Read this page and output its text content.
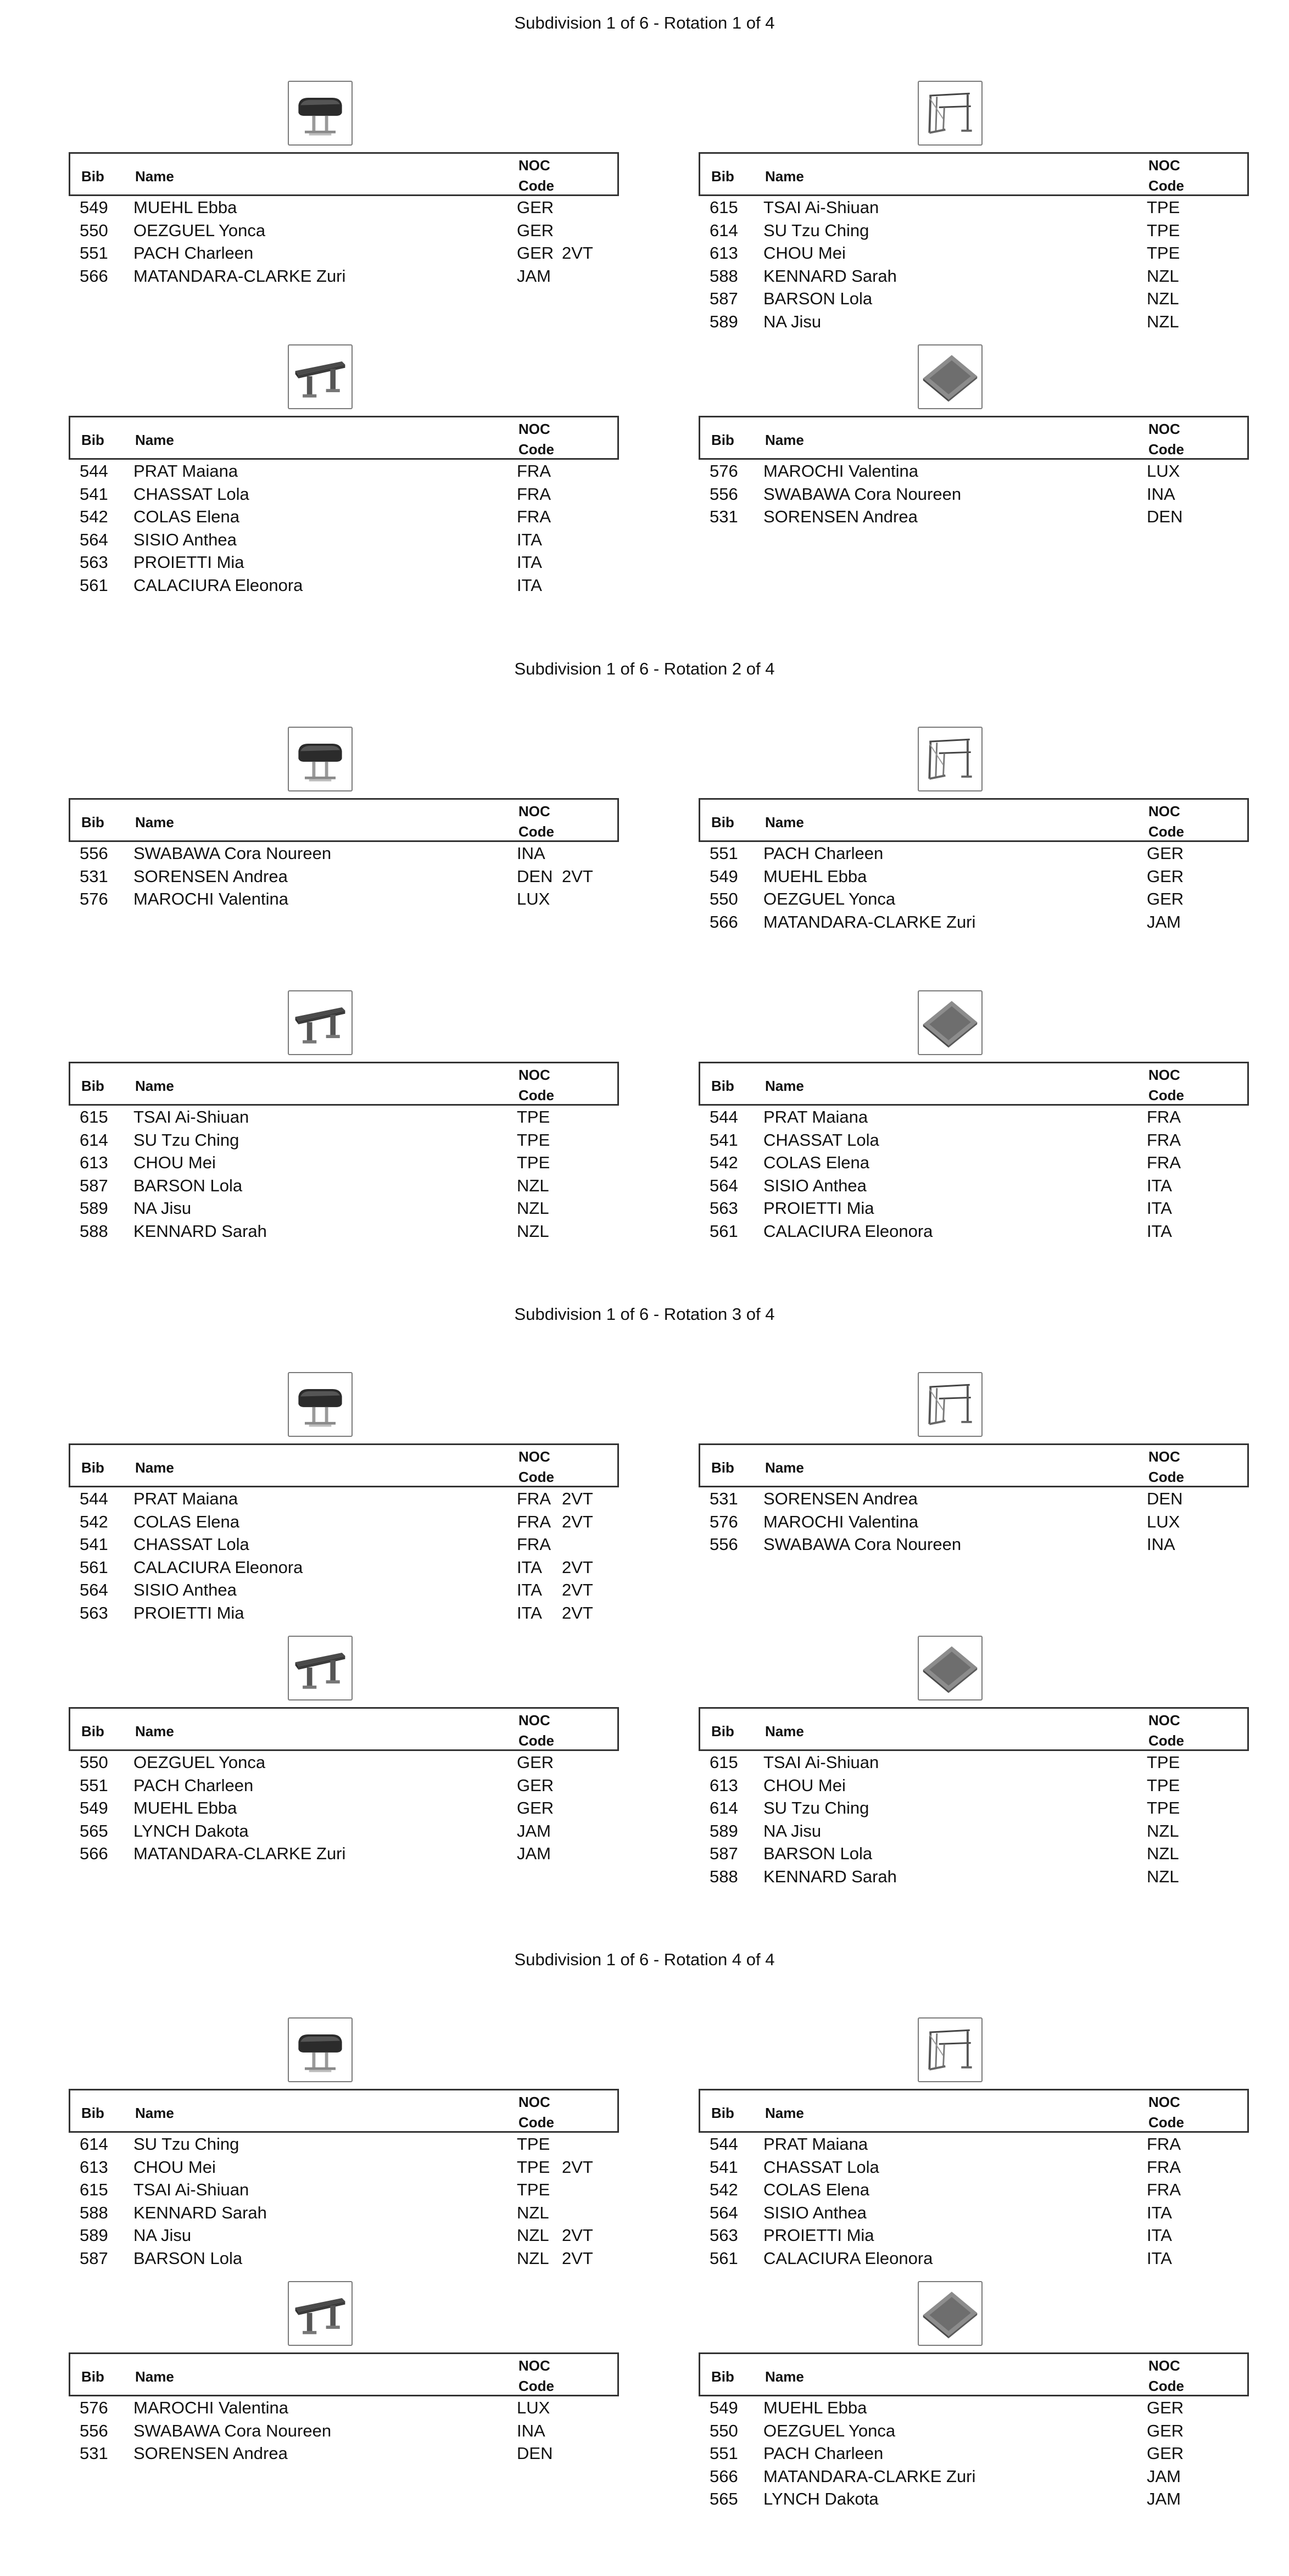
Subdivision 1 of 6 - Rotation 1 of 4
Bib Name
NOC
Code
549 MUEHL Ebba	GER
550 OEZGUEL Yonca	GER
551 PACH Charleen	GER 2VT
566 MATANDARA-CLARKE Zuri	JAM
Bib Name
NOC
Code
615 TSAI Ai-Shiuan	TPE
614 SU Tzu Ching	TPE
613 CHOU Mei	TPE
588 KENNARD Sarah	NZL
587 BARSON Lola	NZL
589 NA Jisu	NZL
Bib Name
NOC
Code
544 PRAT Maiana	FRA
541 CHASSAT Lola	FRA
542 COLAS Elena	FRA
564 SISIO Anthea	ITA
563 PROIETTI Mia	ITA
561 CALACIURA Eleonora	ITA
Bib Name
NOC
Code
576 MAROCHI Valentina	LUX
556 SWABAWA Cora Noureen	INA
531 SORENSEN Andrea	DEN
Subdivision 1 of 6 - Rotation 2 of 4
Bib Name
NOC
Code
556 SWABAWA Cora Noureen	INA
531 SORENSEN Andrea	DEN 2VT
576 MAROCHI Valentina	LUX
Bib Name
NOC
Code
551 PACH Charleen	GER
549 MUEHL Ebba	GER
550 OEZGUEL Yonca	GER
566 MATANDARA-CLARKE Zuri	JAM
Bib Name
NOC
Code
615 TSAI Ai-Shiuan	TPE
614 SU Tzu Ching	TPE
613 CHOU Mei	TPE
587 BARSON Lola	NZL
589 NA Jisu	NZL
588 KENNARD Sarah	NZL
Bib Name
NOC
Code
544 PRAT Maiana	FRA
541 CHASSAT Lola	FRA
542 COLAS Elena	FRA
564 SISIO Anthea	ITA
563 PROIETTI Mia	ITA
561 CALACIURA Eleonora	ITA
Subdivision 1 of 6 - Rotation 3 of 4
Bib Name
NOC
Code
544 PRAT Maiana	FRA 2VT
542 COLAS Elena	FRA 2VT
541 CHASSAT Lola	FRA
561 CALACIURA Eleonora	ITA 2VT
564 SISIO Anthea	ITA 2VT
563 PROIETTI Mia	ITA 2VT
Bib Name
NOC
Code
531 SORENSEN Andrea	DEN
576 MAROCHI Valentina	LUX
556 SWABAWA Cora Noureen	INA
Bib Name
NOC
Code
550 OEZGUEL Yonca	GER
551 PACH Charleen	GER
549 MUEHL Ebba	GER
565 LYNCH Dakota	JAM
566 MATANDARA-CLARKE Zuri	JAM
Bib Name
NOC
Code
615 TSAI Ai-Shiuan	TPE
613 CHOU Mei	TPE
614 SU Tzu Ching	TPE
589 NA Jisu	NZL
587 BARSON Lola	NZL
588 KENNARD Sarah	NZL
Subdivision 1 of 6 - Rotation 4 of 4
Bib Name
NOC
Code
614 SU Tzu Ching	TPE
613 CHOU Mei	TPE 2VT
615 TSAI Ai-Shiuan	TPE
588 KENNARD Sarah	NZL
589 NA Jisu	NZL 2VT
587 BARSON Lola	NZL 2VT
Bib Name
NOC
Code
544 PRAT Maiana	FRA
541 CHASSAT Lola	FRA
542 COLAS Elena	FRA
564 SISIO Anthea	ITA
563 PROIETTI Mia	ITA
561 CALACIURA Eleonora	ITA
Bib Name
NOC
Code
576 MAROCHI Valentina	LUX
556 SWABAWA Cora Noureen	INA
531 SORENSEN Andrea	DEN
Bib Name
NOC
Code
549 MUEHL Ebba	GER
550 OEZGUEL Yonca	GER
551 PACH Charleen	GER
566 MATANDARA-CLARKE Zuri	JAM
565 LYNCH Dakota	JAM
